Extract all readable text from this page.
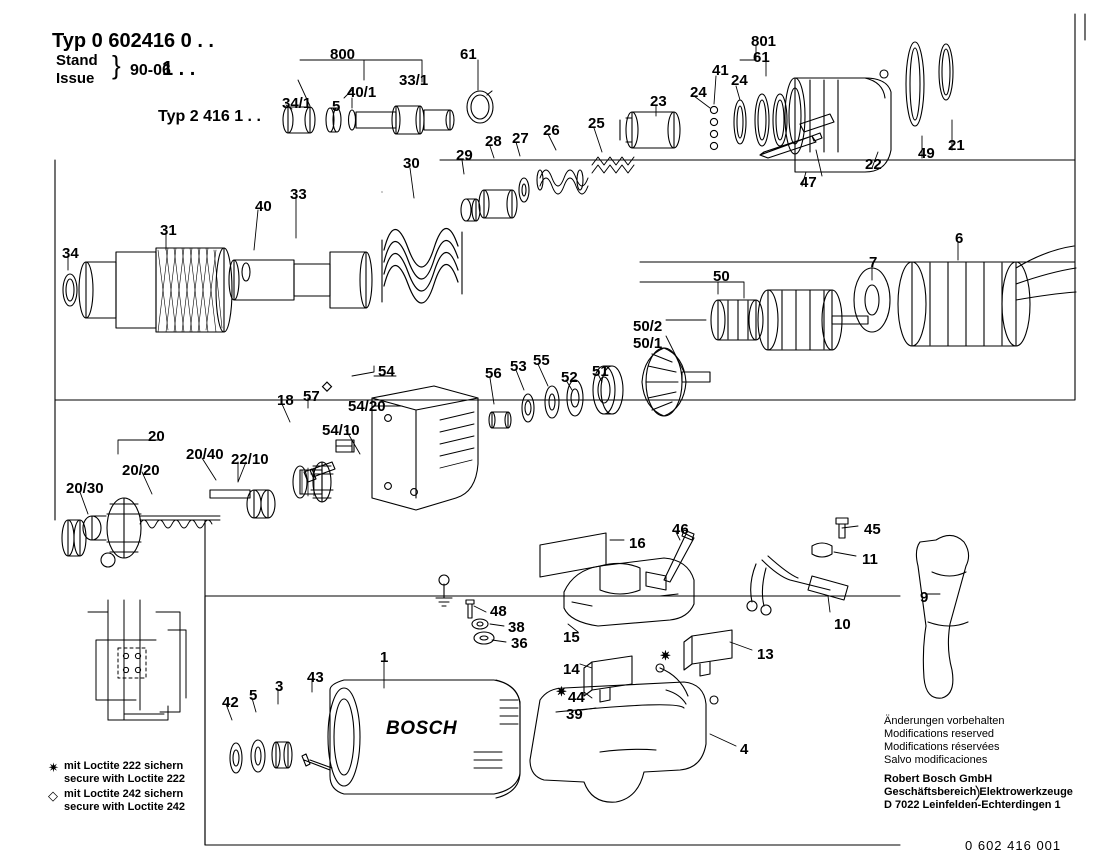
Typ 0 602416 0 . .
1 . .
Stand
Issue } 90-06
Typ 2 416 1 . .
BOSCH
0 602 416 001
✷ mit Loctite 222 sichern
secure with Loctite 222
◇ mit Loctite 242 sichern
secure with Loctite 242
Änderungen vorbehalten
Modifications reserved
Modifications réservées
Salvo modificaciones
Robert Bosch GmbH
Geschäftsbereich Elektrowerkzeuge
D 7022 Leinfelden-Echterdingen 1
800	61
801
61
41
40/1
33/1
34/1
24
24
23
25
26
27
28
29
30
5
47
22
49 21
33
40
31
34
6
7
50
50/2
50/1
51
52
55
53
56
54
54/20
54/10
57
18
22/10
20
20/40
20/20
20/30
16
46	45
11
10
9
15
13
14
44
39
4
1
48
38
36
43
3
5
42
◇
✷
✷
